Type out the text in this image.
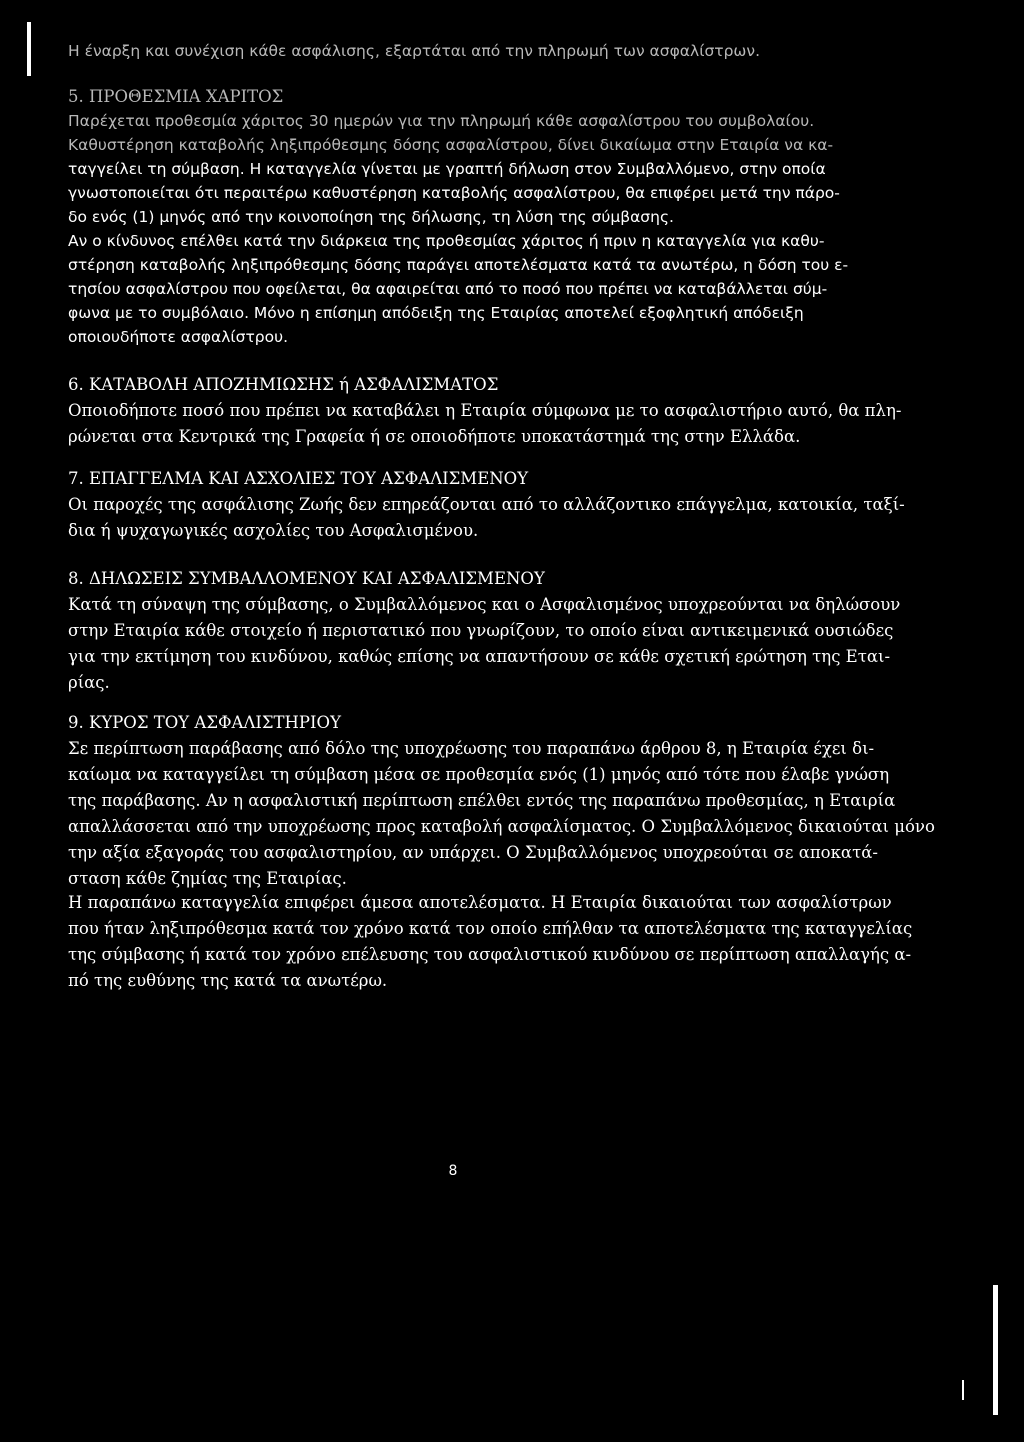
Η έναρξη και συνέχιση κάθε ασφάλισης, εξαρτάται από την πληρωμή των ασφαλίστρων.
5. ΠΡΟΘΕΣΜΙΑ ΧΑΡΙΤΟΣ
Παρέχεται προθεσμία χάριτος 30 ημερών για την πληρωμή κάθε ασφαλίστρου του συμβολαίου.
Καθυστέρηση καταβολής ληξιπρόθεσμης δόσης ασφαλίστρου, δίνει δικαίωμα στην Εταιρία να κα-
ταγγείλει τη σύμβαση. Η καταγγελία γίνεται με γραπτή δήλωση στον Συμβαλλόμενο, στην οποία
γνωστοποιείται ότι περαιτέρω καθυστέρηση καταβολής ασφαλίστρου, θα επιφέρει μετά την πάρο-
δο ενός (1) μηνός από την κοινοποίηση της δήλωσης, τη λύση της σύμβασης.
Αν ο κίνδυνος επέλθει κατά την διάρκεια της προθεσμίας χάριτος ή πριν η καταγγελία για καθυ-
στέρηση καταβολής ληξιπρόθεσμης δόσης παράγει αποτελέσματα κατά τα ανωτέρω, η δόση του ε-
τησίου ασφαλίστρου που οφείλεται, θα αφαιρείται από το ποσό που πρέπει να καταβάλλεται σύμ-
φωνα με το συμβόλαιο. Μόνο η επίσημη απόδειξη της Εταιρίας αποτελεί εξοφλητική απόδειξη
οποιουδήποτε ασφαλίστρου.
6. ΚΑΤΑΒΟΛΗ ΑΠΟΖΗΜΙΩΣΗΣ ή ΑΣΦΑΛΙΣΜΑΤΟΣ
Οποιοδήποτε ποσό που πρέπει να καταβάλει η Εταιρία σύμφωνα με το ασφαλιστήριο αυτό, θα πλη-
ρώνεται στα Κεντρικά της Γραφεία ή σε οποιοδήποτε υποκατάστημά της στην Ελλάδα.
7. ΕΠΑΓΓΕΛΜΑ ΚΑΙ ΑΣΧΟΛΙΕΣ ΤΟΥ ΑΣΦΑΛΙΣΜΕΝΟΥ
Οι παροχές της ασφάλισης Ζωής δεν επηρεάζονται από το αλλάζοντικο επάγγελμα, κατοικία, ταξί-
δια ή ψυχαγωγικές ασχολίες του Ασφαλισμένου.
8. ΔΗΛΩΣΕΙΣ ΣΥΜΒΑΛΛΟΜΕΝΟΥ ΚΑΙ ΑΣΦΑΛΙΣΜΕΝΟΥ
Κατά τη σύναψη της σύμβασης, ο Συμβαλλόμενος και ο Ασφαλισμένος υποχρεούνται να δηλώσουν
στην Εταιρία κάθε στοιχείο ή περιστατικό που γνωρίζουν, το οποίο είναι αντικειμενικά ουσιώδες
για την εκτίμηση του κινδύνου, καθώς επίσης να απαντήσουν σε κάθε σχετική ερώτηση της Εται-
ρίας.
9. ΚΥΡΟΣ ΤΟΥ ΑΣΦΑΛΙΣΤΗΡΙΟΥ
Σε περίπτωση παράβασης από δόλο της υποχρέωσης του παραπάνω άρθρου 8, η Εταιρία έχει δι-
καίωμα να καταγγείλει τη σύμβαση μέσα σε προθεσμία ενός (1) μηνός από τότε που έλαβε γνώση
της παράβασης. Αν η ασφαλιστική περίπτωση επέλθει εντός της παραπάνω προθεσμίας, η Εταιρία
απαλλάσσεται από την υποχρέωσης προς καταβολή ασφαλίσματος. Ο Συμβαλλόμενος δικαιούται μόνο
την αξία εξαγοράς του ασφαλιστηρίου, αν υπάρχει. Ο Συμβαλλόμενος υποχρεούται σε αποκατά-
σταση κάθε ζημίας της Εταιρίας.
Η παραπάνω καταγγελία επιφέρει άμεσα αποτελέσματα. Η Εταιρία δικαιούται των ασφαλίστρων
που ήταν ληξιπρόθεσμα κατά τον χρόνο κατά τον οποίο επήλθαν τα αποτελέσματα της καταγγελίας
της σύμβασης ή κατά τον χρόνο επέλευσης του ασφαλιστικού κινδύνου σε περίπτωση απαλλαγής α-
πό της ευθύνης της κατά τα ανωτέρω.
8
